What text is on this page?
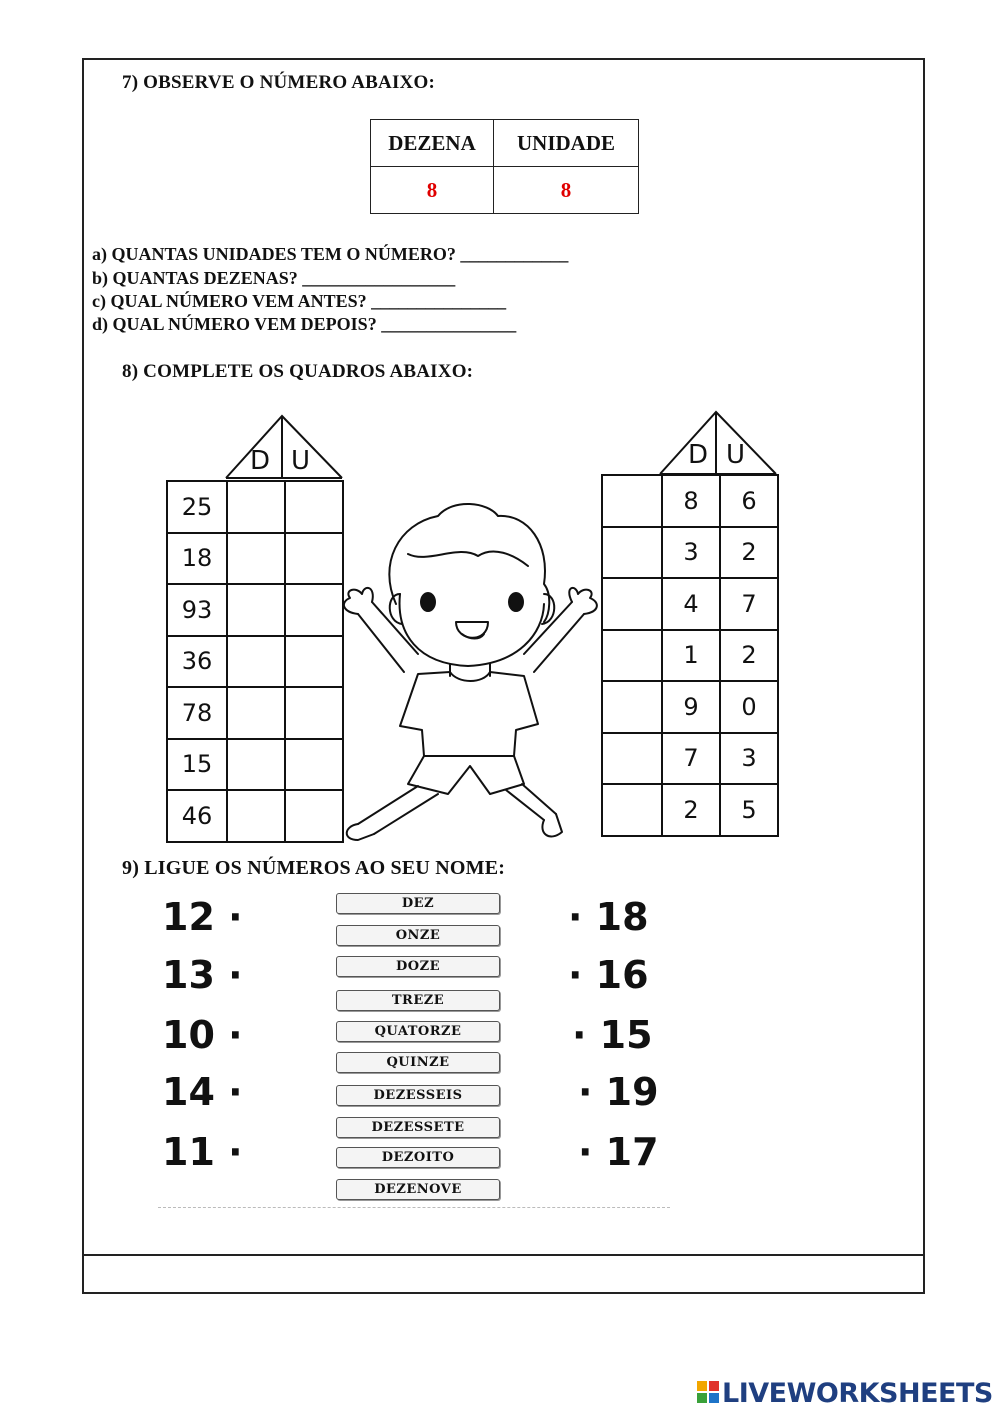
7) OBSERVE O NÚMERO ABAIXO:
DEZENA	UNIDADE
8	8
a) QUANTAS UNIDADES TEM O NÚMERO? ____________
b) QUANTAS DEZENAS? _________________
c) QUAL NÚMERO VEM ANTES? _______________
d) QUAL NÚMERO VEM DEPOIS? _______________
8) COMPLETE OS QUADROS ABAIXO:
D U
25
18
93
36
78
15
46
D U
8	6
3	2
4	7
1	2
9	0
7	3
2	5
9) LIGUE OS NÚMEROS AO SEU NOME:
12 ·
13 ·
10 ·
14 ·
11 ·
· 18
· 16
· 15
· 19
· 17
DEZ
ONZE
DOZE
TREZE
QUATORZE
QUINZE
DEZESSEIS
DEZESSETE
DEZOITO
DEZENOVE
LIVEWORKSHEETS
